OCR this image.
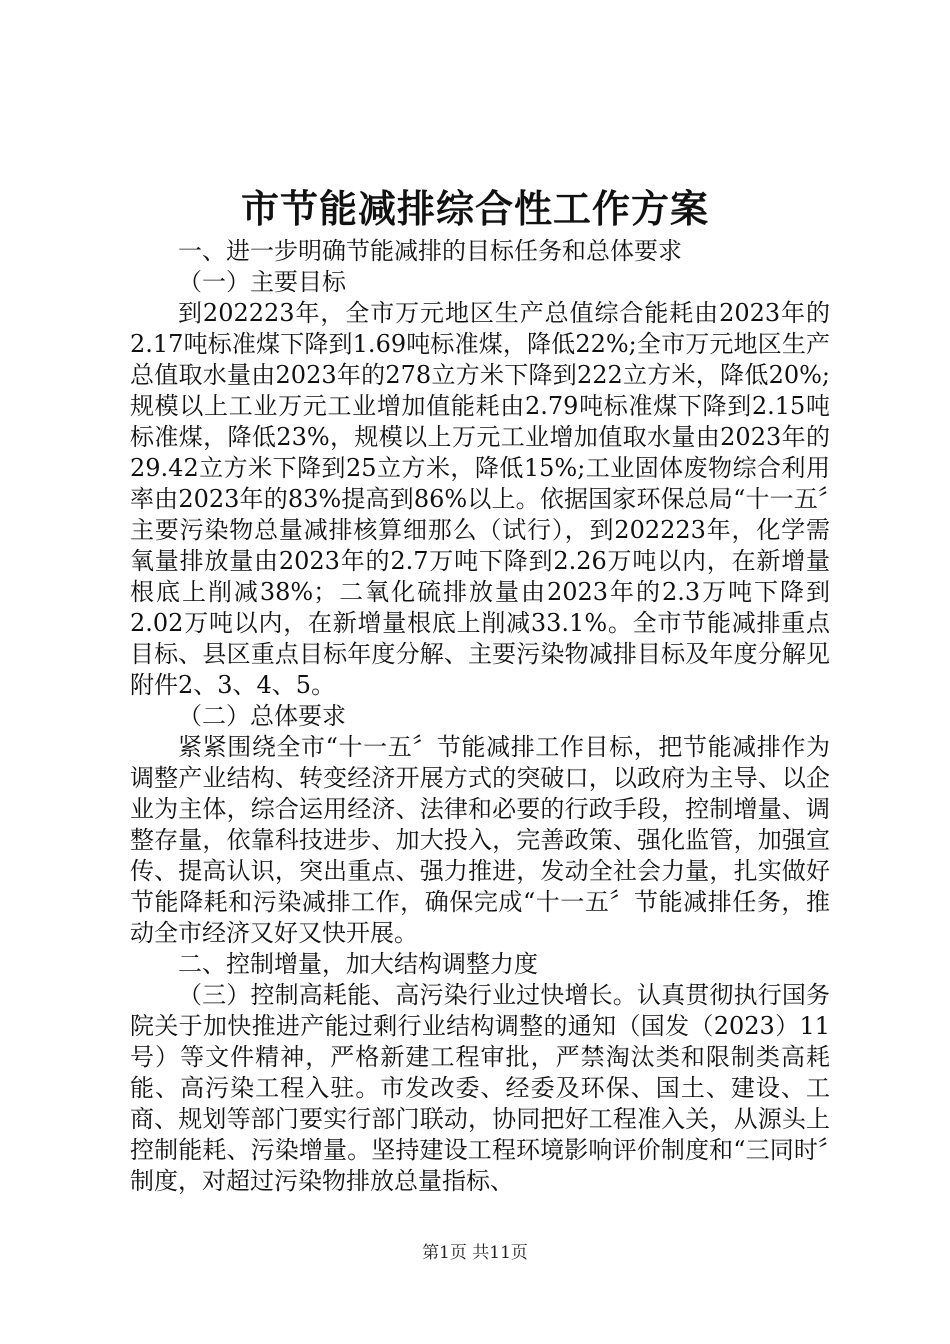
市节能减排综合性工作方案

一、进一步明确节能减排的目标任务和总体要求

（一）主要目标

到202223年，全市万元地区生产总值综合能耗由2023年的2.17吨标准煤下降到1.69吨标准煤，降低22%;全市万元地区生产总值取水量由2023年的278立方米下降到222立方米，降低20%;规模以上工业万元工业增加值能耗由2.79吨标准煤下降到2.15吨标准煤，降低23%，规模以上万元工业增加值取水量由2023年的29.42立方米下降到25立方米，降低15%;工业固体废物综合利用率由2023年的83%提高到86%以上。依据国家环保总局“十一五〞主要污染物总量减排核算细那么（试行），到202223年，化学需氧量排放量由2023年的2.7万吨下降到2.26万吨以内，在新增量根底上削减38%；二氧化硫排放量由2023年的2.3万吨下降到2.02万吨以内，在新增量根底上削减33.1%。全市节能减排重点目标、县区重点目标年度分解、主要污染物减排目标及年度分解见附件2、3、4、5。

（二）总体要求

紧紧围绕全市“十一五〞节能减排工作目标，把节能减排作为调整产业结构、转变经济开展方式的突破口，以政府为主导、以企业为主体，综合运用经济、法律和必要的行政手段，控制增量、调整存量，依靠科技进步、加大投入，完善政策、强化监管，加强宣传、提高认识，突出重点、强力推进，发动全社会力量，扎实做好节能降耗和污染减排工作，确保完成“十一五〞节能减排任务，推动全市经济又好又快开展。

二、控制增量，加大结构调整力度

（三）控制高耗能、高污染行业过快增长。认真贯彻执行国务院关于加快推进产能过剩行业结构调整的通知（国发（2023）11号）等文件精神，严格新建工程审批，严禁淘汰类和限制类高耗能、高污染工程入驻。市发改委、经委及环保、国土、建设、工商、规划等部门要实行部门联动，协同把好工程准入关，从源头上控制能耗、污染增量。坚持建设工程环境影响评价制度和“三同时〞制度，对超过污染物排放总量指标、

第1页 共11页
